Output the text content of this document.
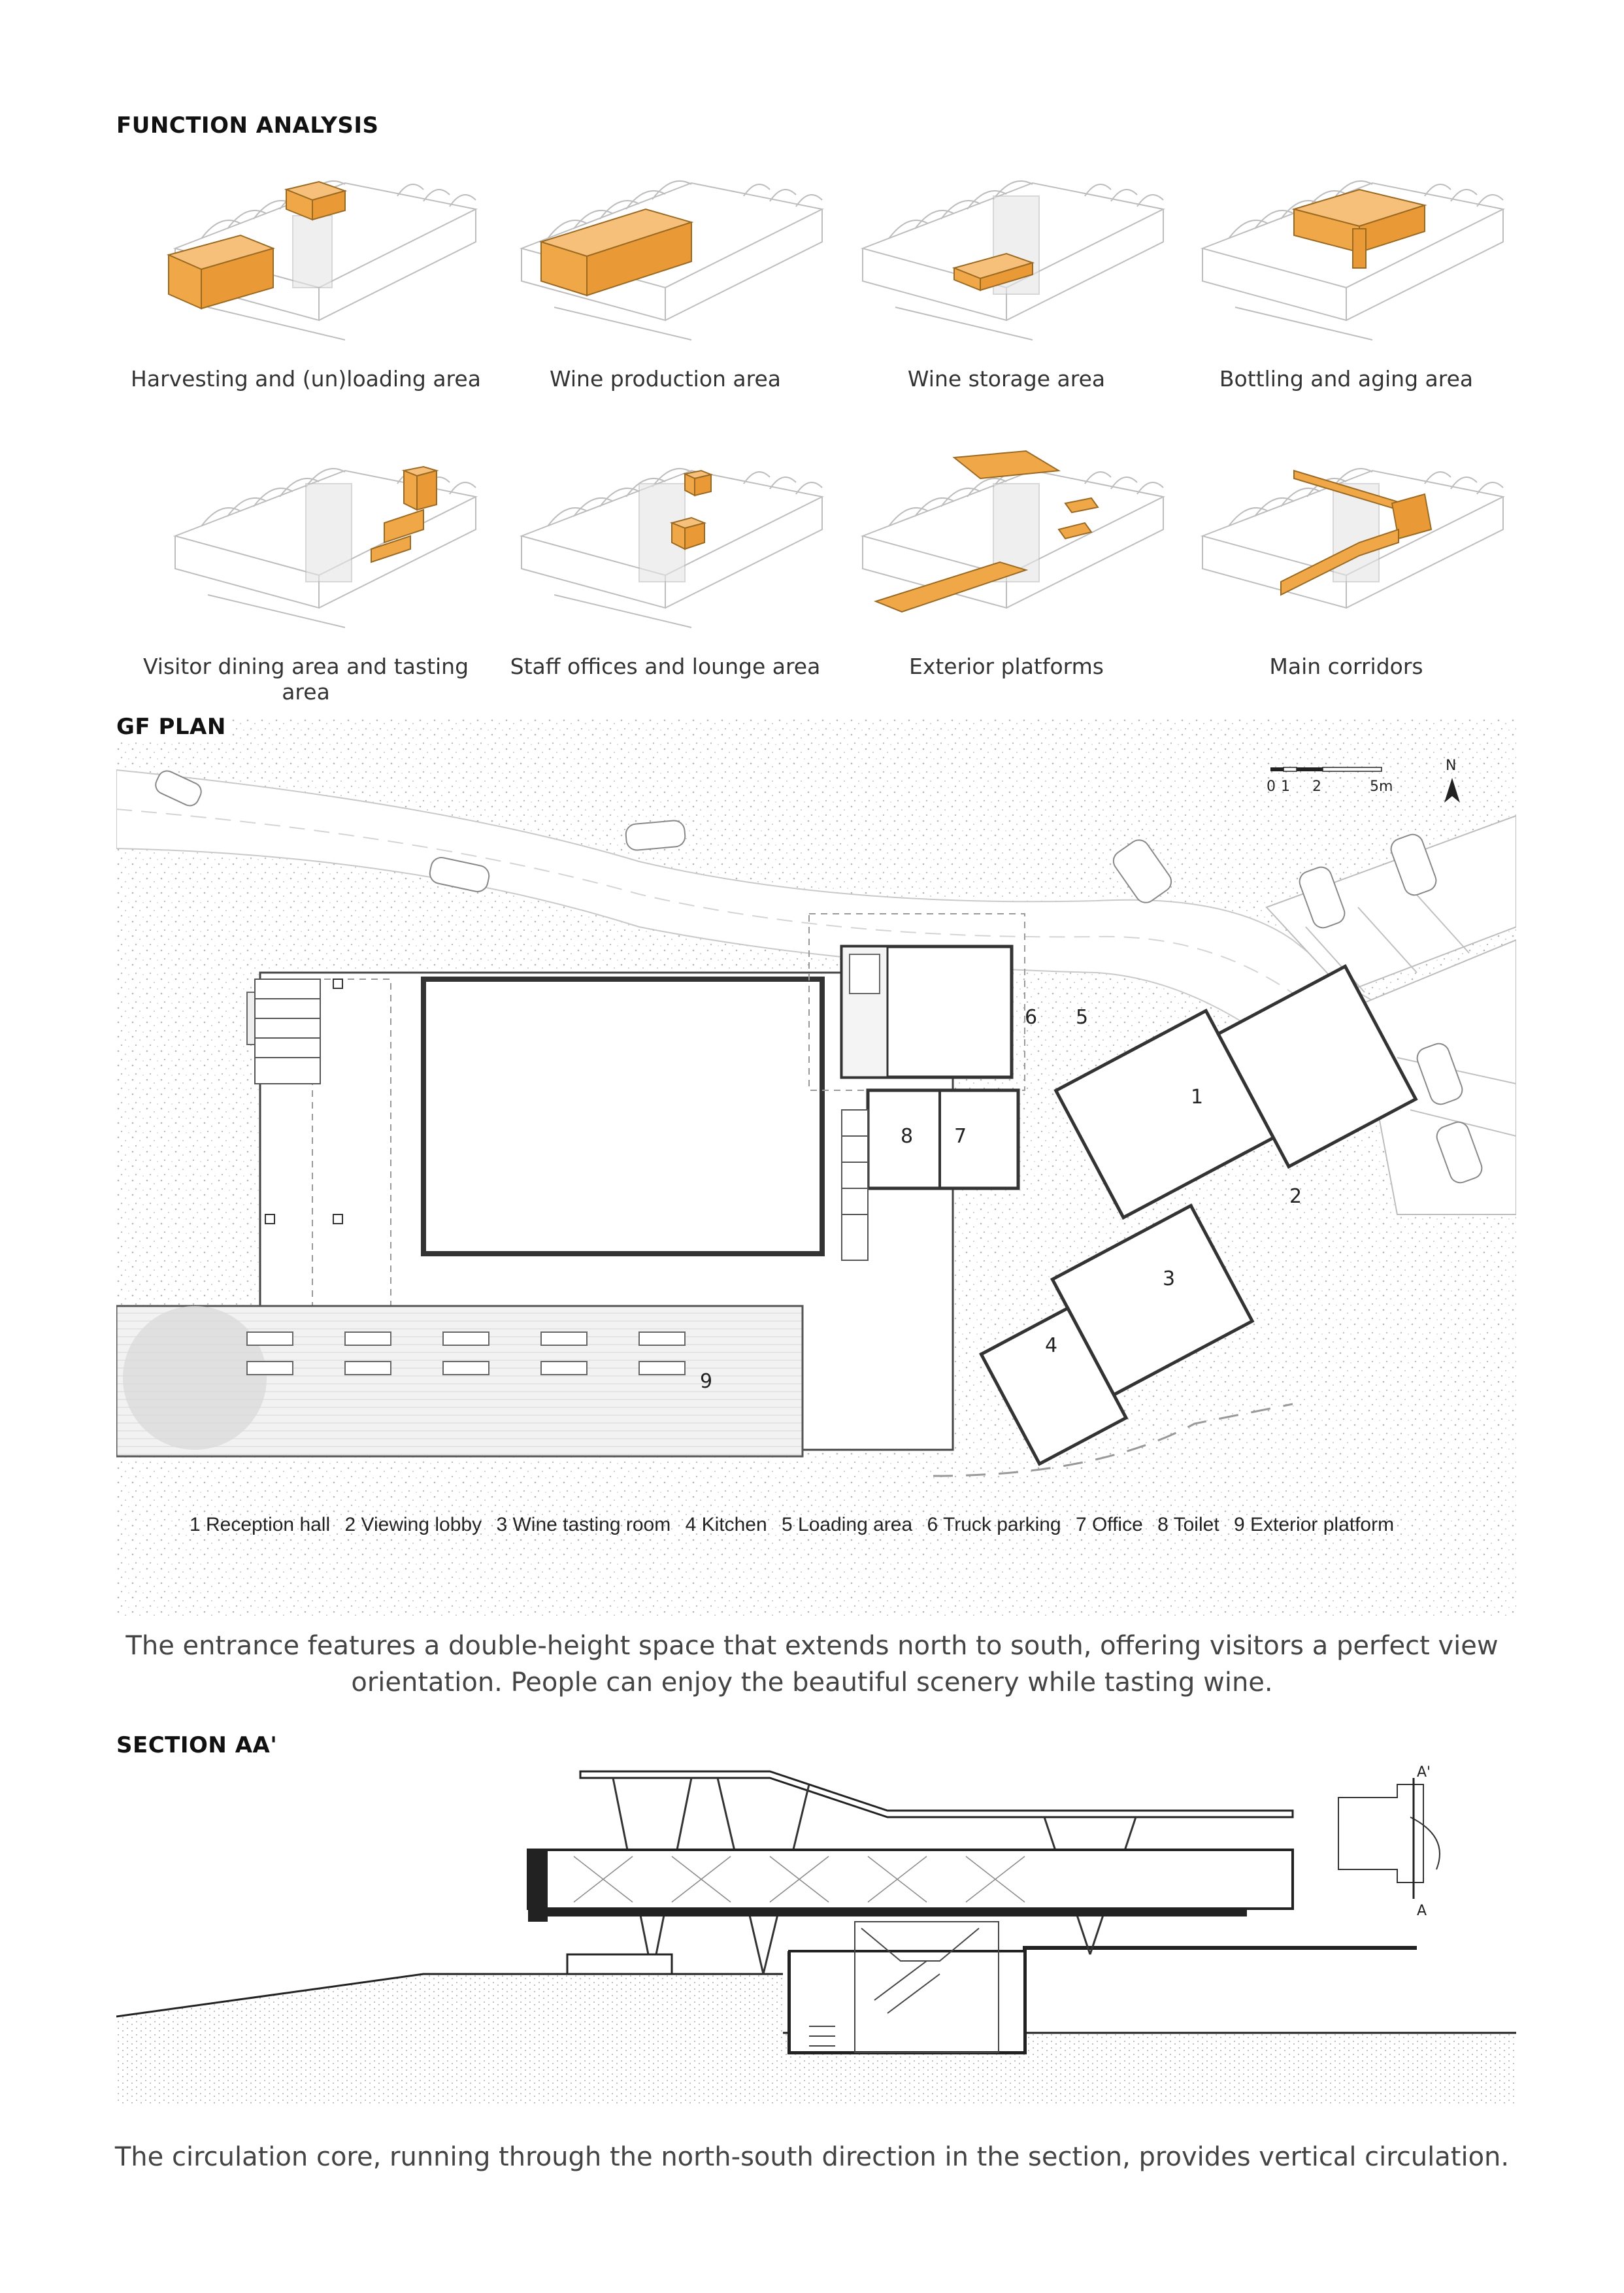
FUNCTION ANALYSIS
Harvesting and (un)loading area	Wine production area	Wine storage area	Bottling and aging area
Visitor dining area and tasting area
Staff offices and lounge area	Exterior platforms	Main corridors
6 5
1
2
3
4
8 7
9
0 1 2	5m
N
GF PLAN
1 Reception hall 2 Viewing lobby 3 Wine tasting room 4 Kitchen 5 Loading area 6 Truck parking 7 Office 8 Toilet 9 Exterior platform
The entrance features a double-height space that extends north to south, offering visitors a perfect view
orientation. People can enjoy the beautiful scenery while tasting wine.
SECTION AA'
A'
A
The circulation core, running through the north-south direction in the section, provides vertical circulation.
